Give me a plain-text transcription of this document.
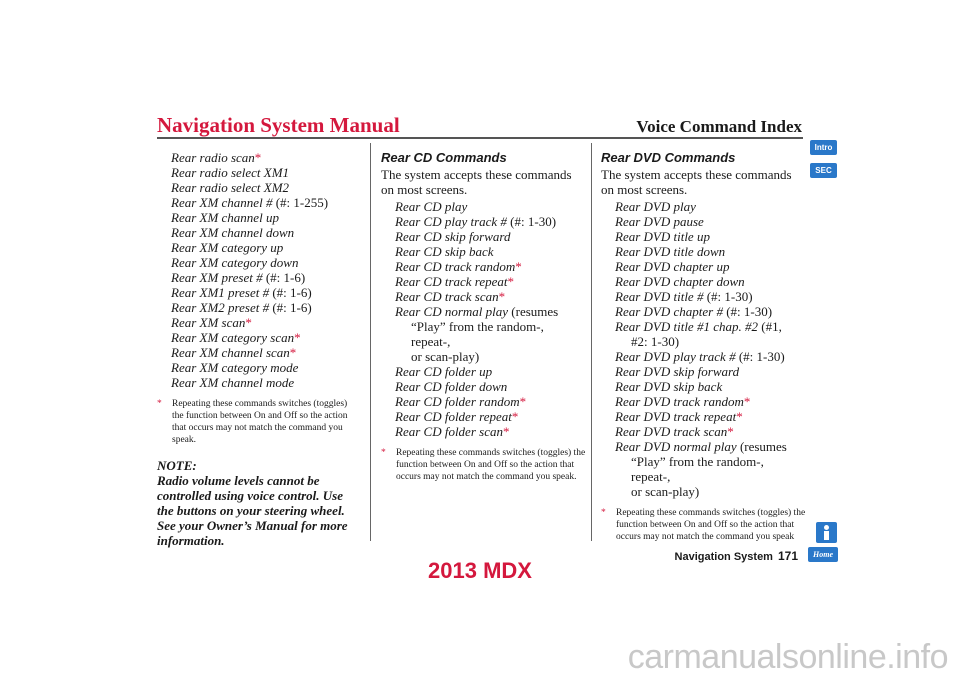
Navigation System Manual	Voice Command Index
Intro
SEC
Rear radio scan*
Rear radio select XM1
Rear radio select XM2
Rear XM channel # (#: 1-255)
Rear XM channel up
Rear XM channel down
Rear XM category up
Rear XM category down
Rear XM preset # (#: 1-6)
Rear XM1 preset # (#: 1-6)
Rear XM2 preset # (#: 1-6)
Rear XM scan*
Rear XM category scan*
Rear XM channel scan*
Rear XM category mode
Rear XM channel mode
* Repeating these commands switches (toggles) the function between On and Off so the action that occurs may not match the command you speak.
NOTE:
Radio volume levels cannot be controlled using voice control. Use the buttons on your steering wheel. See your Owner’s Manual for more information.
Rear CD Commands
The system accepts these commands on most screens.
Rear CD play
Rear CD play track # (#: 1-30)
Rear CD skip forward
Rear CD skip back
Rear CD track random*
Rear CD track repeat*
Rear CD track scan*
Rear CD normal play (resumes
“Play” from the random-, repeat-,
or scan-play)
Rear CD folder up
Rear CD folder down
Rear CD folder random*
Rear CD folder repeat*
Rear CD folder scan*
* Repeating these commands switches (toggles) the function between On and Off so the action that occurs may not match the command you speak.
Rear DVD Commands
The system accepts these commands on most screens.
Rear DVD play
Rear DVD pause
Rear DVD title up
Rear DVD title down
Rear DVD chapter up
Rear DVD chapter down
Rear DVD title # (#: 1-30)
Rear DVD chapter # (#: 1-30)
Rear DVD title #1 chap. #2 (#1,
#2: 1-30)
Rear DVD play track # (#: 1-30)
Rear DVD skip forward
Rear DVD skip back
Rear DVD track random*
Rear DVD track repeat*
Rear DVD track scan*
Rear DVD normal play (resumes
“Play” from the random-, repeat-,
or scan-play)
* Repeating these commands switches (toggles) the function between On and Off so the action that occurs may not match the command you speak
Home
Navigation System 171
2013 MDX
carmanualsonline.info
